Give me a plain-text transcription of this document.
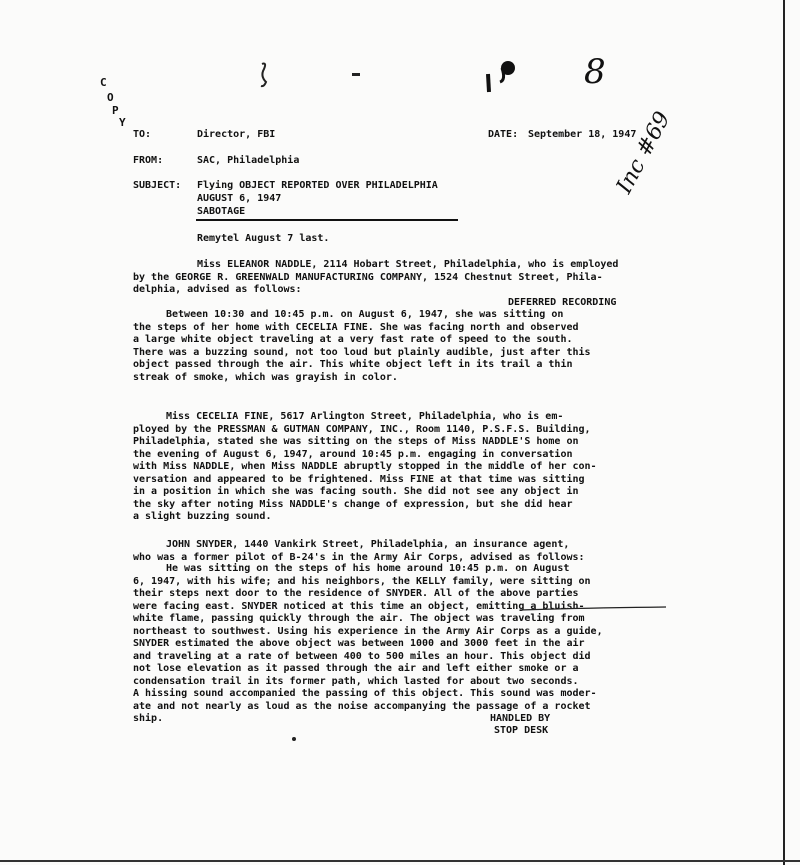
C
O
P
Y
8
Inc #69
TO:	Director, FBI	DATE: September 18, 1947
FROM:	SAC, Philadelphia
SUBJECT: Flying OBJECT REPORTED OVER PHILADELPHIA
AUGUST 6, 1947
SABOTAGE
Remytel August 7 last.
Miss ELEANOR NADDLE, 2114 Hobart Street, Philadelphia, who is employed
by the GEORGE R. GREENWALD MANUFACTURING COMPANY, 1524 Chestnut Street, Phila-
delphia, advised as follows:
DEFERRED RECORDING
Between 10:30 and 10:45 p.m. on August 6, 1947, she was sitting on
the steps of her home with CECELIA FINE. She was facing north and observed
a large white object traveling at a very fast rate of speed to the south.
There was a buzzing sound, not too loud but plainly audible, just after this
object passed through the air. This white object left in its trail a thin
streak of smoke, which was grayish in color.
Miss CECELIA FINE, 5617 Arlington Street, Philadelphia, who is em-
ployed by the PRESSMAN & GUTMAN COMPANY, INC., Room 1140, P.S.F.S. Building,
Philadelphia, stated she was sitting on the steps of Miss NADDLE'S home on
the evening of August 6, 1947, around 10:45 p.m. engaging in conversation
with Miss NADDLE, when Miss NADDLE abruptly stopped in the middle of her con-
versation and appeared to be frightened. Miss FINE at that time was sitting
in a position in which she was facing south. She did not see any object in
the sky after noting Miss NADDLE's change of expression, but she did hear
a slight buzzing sound.
JOHN SNYDER, 1440 Vankirk Street, Philadelphia, an insurance agent,
who was a former pilot of B-24's in the Army Air Corps, advised as follows:
He was sitting on the steps of his home around 10:45 p.m. on August
6, 1947, with his wife; and his neighbors, the KELLY family, were sitting on
their steps next door to the residence of SNYDER. All of the above parties
were facing east. SNYDER noticed at this time an object, emitting a bluish-
white flame, passing quickly through the air. The object was traveling from
northeast to southwest. Using his experience in the Army Air Corps as a guide,
SNYDER estimated the above object was between 1000 and 3000 feet in the air
and traveling at a rate of between 400 to 500 miles an hour. This object did
not lose elevation as it passed through the air and left either smoke or a
condensation trail in its former path, which lasted for about two seconds.
A hissing sound accompanied the passing of this object. This sound was moder-
ate and not nearly as loud as the noise accompanying the passage of a rocket
ship.	HANDLED BY
STOP DESK
